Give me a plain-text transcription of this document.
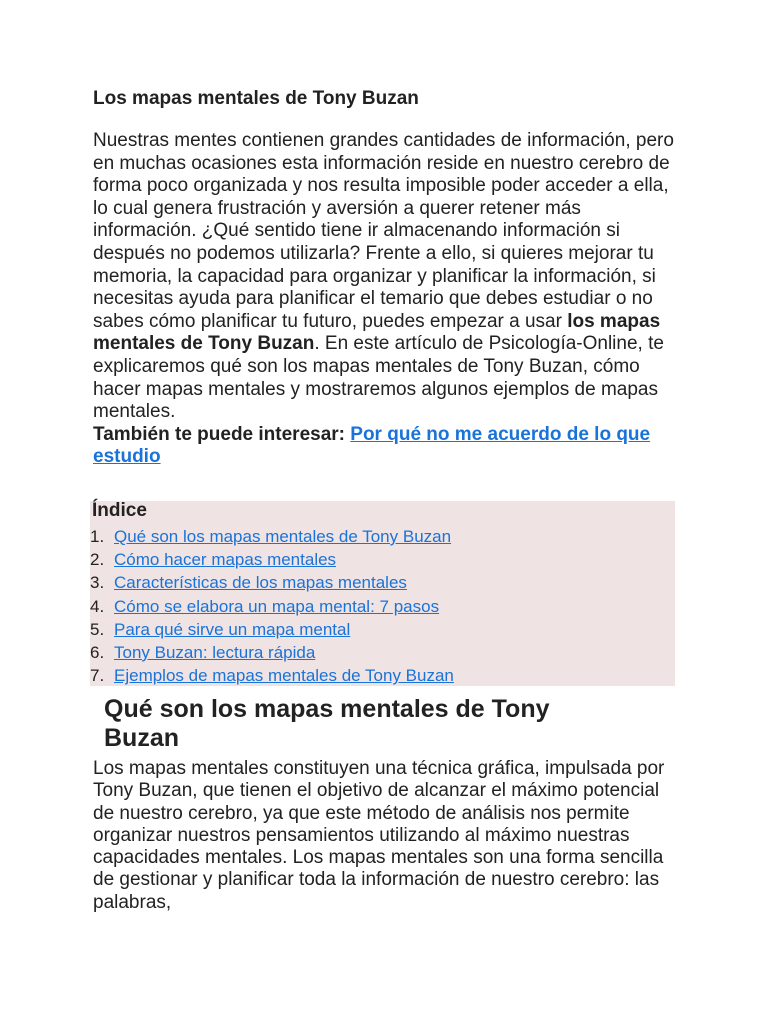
Los mapas mentales de Tony Buzan

Nuestras mentes contienen grandes cantidades de información, pero en muchas ocasiones esta información reside en nuestro cerebro de forma poco organizada y nos resulta imposible poder acceder a ella, lo cual genera frustración y aversión a querer retener más información. ¿Qué sentido tiene ir almacenando información si después no podemos utilizarla? Frente a ello, si quieres mejorar tu memoria, la capacidad para organizar y planificar la información, si necesitas ayuda para planificar el temario que debes estudiar o no sabes cómo planificar tu futuro, puedes empezar a usar los mapas mentales de Tony Buzan. En este artículo de Psicología-Online, te explicaremos qué son los mapas mentales de Tony Buzan, cómo hacer mapas mentales y mostraremos algunos ejemplos de mapas mentales.

También te puede interesar: Por qué no me acuerdo de lo que estudio

Índice
1. Qué son los mapas mentales de Tony Buzan
2. Cómo hacer mapas mentales
3. Características de los mapas mentales
4. Cómo se elabora un mapa mental: 7 pasos
5. Para qué sirve un mapa mental
6. Tony Buzan: lectura rápida
7. Ejemplos de mapas mentales de Tony Buzan
Qué son los mapas mentales de Tony Buzan

Los mapas mentales constituyen una técnica gráfica, impulsada por Tony Buzan, que tienen el objetivo de alcanzar el máximo potencial de nuestro cerebro, ya que este método de análisis nos permite organizar nuestros pensamientos utilizando al máximo nuestras capacidades mentales. Los mapas mentales son una forma sencilla de gestionar y planificar toda la información de nuestro cerebro: las palabras,
